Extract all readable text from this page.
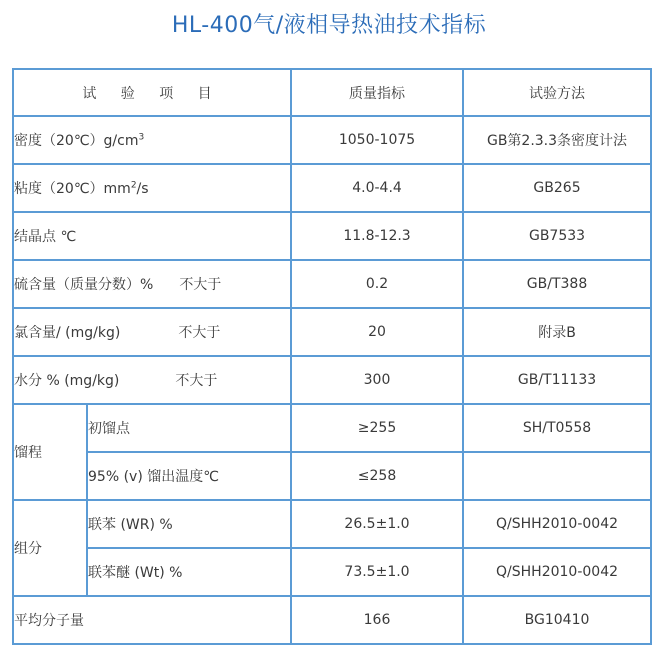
HL-400气/液相导热油技术指标
试 验 项 目		质量指标	试验方法
密度$(20℃)g/cm^3$		1050-1075	GB第2.3.3条密度计法
粘度$(20℃)mm^2/s$		4.0-4.4	GB265
结晶点 ℃		11.8-12.3	GB7533
硫含量（质量分数）% 不大于		0.2	GB/T388
氯含量/ (mg/kg) 不大于		20	附录B
水分 % (mg/kg) 不大于		300	GB/T11133
馏程	初馏点	≥255	SH/T0558
	95% (v) 馏出温度℃	≤258	
组分	联苯 (WR) %	26.5±1.0	Q/SHH2010-0042
	联苯醚 (Wt) %	73.5±1.0	Q/SHH2010-0042
平均分子量		166	BG10410
